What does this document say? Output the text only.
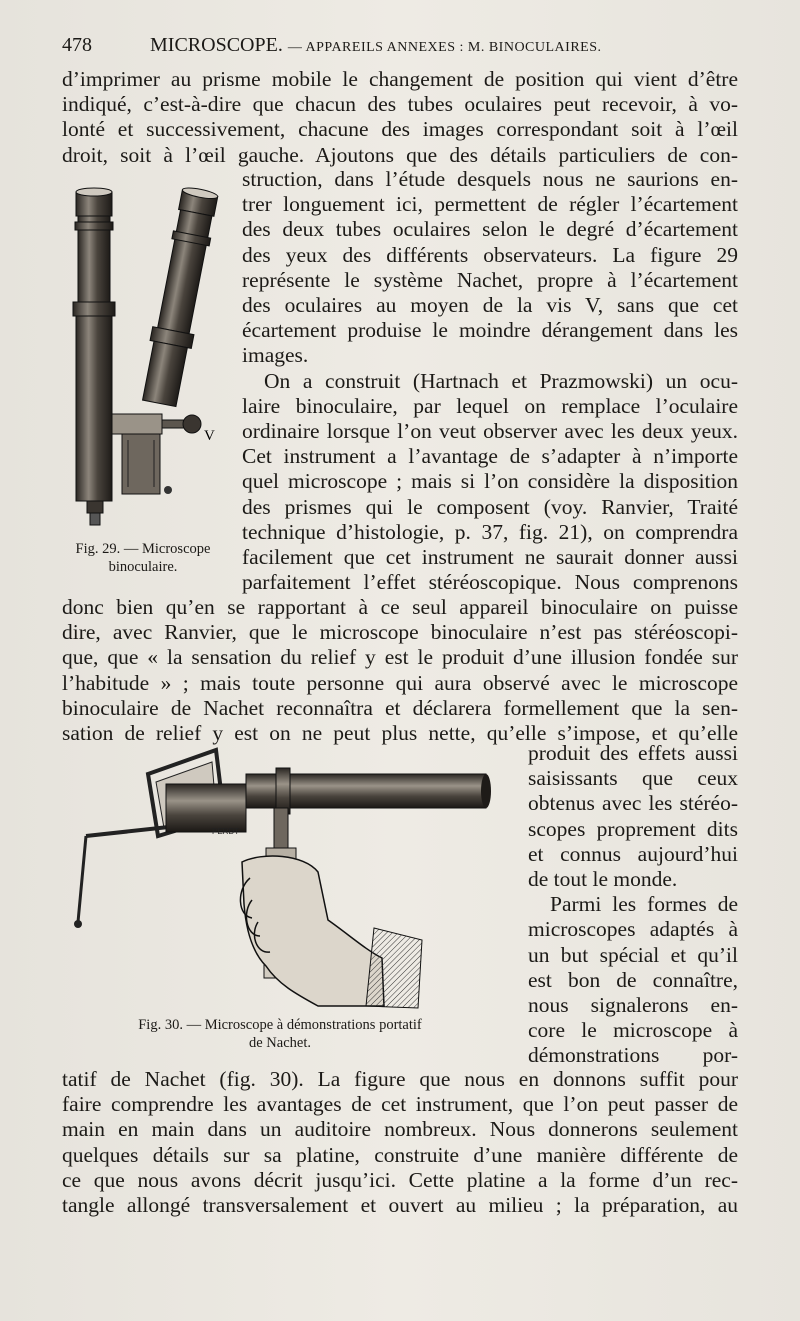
478	MICROSCOPE. — APPAREILS ANNEXES : M. BINOCULAIRES.
d’imprimer au prisme mobile le changement de position qui vient d’être
indiqué, c’est-à-dire que chacun des tubes oculaires peut recevoir, à vo-
lonté et successivement, chacune des images correspondant soit à l’œil
droit, soit à l’œil gauche. Ajoutons que des détails particuliers de con-
struction, dans l’étude desquels nous ne saurions en-
trer longuement ici, permettent de régler l’écartement
des deux tubes oculaires selon le degré d’écartement
des yeux des différents observateurs. La figure 29
représente le système Nachet, propre à l’écartement
des oculaires au moyen de la vis V, sans que cet
écartement produise le moindre dérangement dans les
images.
On a construit (Hartnach et Prazmowski) un ocu-
laire binoculaire, par lequel on remplace l’oculaire
ordinaire lorsque l’on veut observer avec les deux yeux.
Cet instrument a l’avantage de s’adapter à n’importe
quel microscope ; mais si l’on considère la disposition
des prismes qui le composent (voy. Ranvier, Traité
technique d’histologie, p. 37, fig. 21), on comprendra
facilement que cet instrument ne saurait donner aussi
parfaitement l’effet stéréoscopique. Nous comprenons
donc bien qu’en se rapportant à ce seul appareil binoculaire on puisse
dire, avec Ranvier, que le microscope binoculaire n’est pas stéréoscopi-
que, que « la sensation du relief y est le produit d’une illusion fondée sur
l’habitude » ; mais toute personne qui aura observé avec le microscope
binoculaire de Nachet reconnaîtra et déclarera formellement que la sen-
sation de relief y est on ne peut plus nette, qu’elle s’impose, et qu’elle
produit des effets aussi
saisissants que ceux
obtenus avec les stéréo-
scopes proprement dits
et connus aujourd’hui
de tout le monde.
Parmi les formes de
microscopes adaptés à
un but spécial et qu’il
est bon de connaître,
nous signalerons en-
core le microscope à
démonstrations por-
tatif de Nachet (fig. 30). La figure que nous en donnons suffit pour
faire comprendre les avantages de cet instrument, que l’on peut passer de
main en main dans un auditoire nombreux. Nous donnerons seulement
quelques détails sur sa platine, construite d’une manière différente de
ce que nous avons décrit jusqu’ici. Cette platine a la forme d’un rec-
tangle allongé transversalement et ouvert au milieu ; la préparation, au
V
Fig. 29. — Microscope
binoculaire.
PERDT
Fig. 30. — Microscope à démonstrations portatif
de Nachet.
